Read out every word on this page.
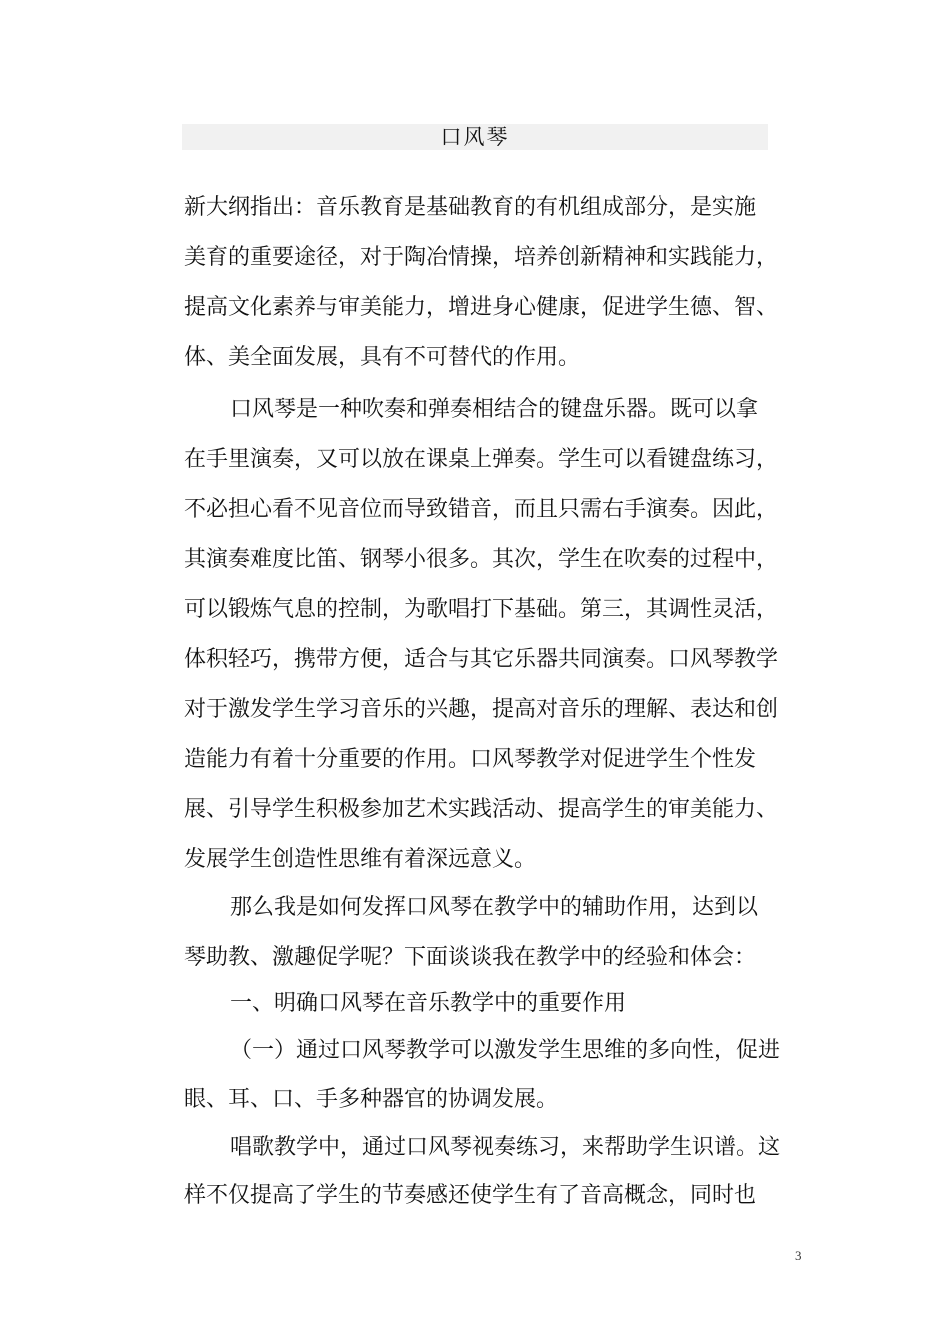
口风琴
新大纲指出：音乐教育是基础教育的有机组成部分，是实施
美育的重要途径，对于陶冶情操，培养创新精神和实践能力，
提高文化素养与审美能力，增进身心健康，促进学生德、智、
体、美全面发展，具有不可替代的作用。
口风琴是一种吹奏和弹奏相结合的键盘乐器。既可以拿
在手里演奏，又可以放在课桌上弹奏。学生可以看键盘练习，
不必担心看不见音位而导致错音，而且只需右手演奏。因此，
其演奏难度比笛、钢琴小很多。其次，学生在吹奏的过程中，
可以锻炼气息的控制，为歌唱打下基础。第三，其调性灵活，
体积轻巧，携带方便，适合与其它乐器共同演奏。口风琴教学
对于激发学生学习音乐的兴趣，提高对音乐的理解、表达和创
造能力有着十分重要的作用。口风琴教学对促进学生个性发
展、引导学生积极参加艺术实践活动、提高学生的审美能力、
发展学生创造性思维有着深远意义。
那么我是如何发挥口风琴在教学中的辅助作用，达到以
琴助教、激趣促学呢？下面谈谈我在教学中的经验和体会：
一、明确口风琴在音乐教学中的重要作用
（一）通过口风琴教学可以激发学生思维的多向性，促进
眼、耳、口、手多种器官的协调发展。
唱歌教学中，通过口风琴视奏练习，来帮助学生识谱。这
样不仅提高了学生的节奏感还使学生有了音高概念，同时也
3
